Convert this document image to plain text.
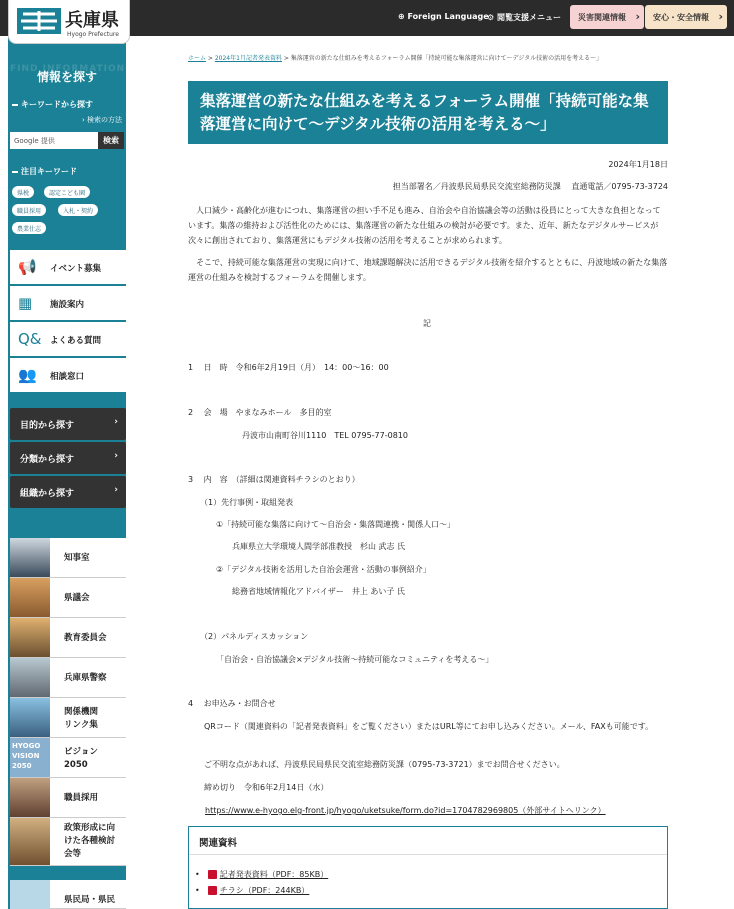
⊕ Foreign Language
⚙ 閲覧支援メニュー	災害関連情報 ›	安心・安全情報 ›
兵庫県
Hyogo Prefecture
FIND INFORMATION
情報を探す
キーワードから探す
› 検索の方法
Google 提供	検索
注目キーワード
県税	認定こども園
職員採用	入札・契約
農業仕志
📢 イベント募集
▦ 施設案内
Q& よくある質問
👥 相談窓口
目的から探す	›
分類から探す	›
組織から探す	›
知事室
県議会
教育委員会
兵庫県警察
関係機関
リンク集
HYOGO
VISION
2050
ビジョン
2050
職員採用
政策形成に向
けた各種検討
会等
県民局・県民
ホーム > 2024年1月記者発表資料 > 集落運営の新たな仕組みを考えるフォーラム開催「持続可能な集落運営に向けて～デジタル技術の活用を考える～」
集落運営の新たな仕組みを考えるフォーラム開催「持続可能な集落運営に向けて～デジタル技術の活用を考える～」
2024年1月18日
担当部署名／丹波県民局県民交流室総務防災課　 直通電話／0795-73-3724

　人口減少・高齢化が進むにつれ、集落運営の担い手不足も進み、自治会や自治協議会等の活動は役員にとって大きな負担となっています。集落の維持および活性化のためには、集落運営の新たな仕組みの検討が必要です。また、近年、新たなデジタルサービスが次々に創出されており、集落運営にもデジタル技術の活用を考えることが求められます。

　そこで、持続可能な集落運営の実現に向けて、地域課題解決に活用できるデジタル技術を紹介するとともに、丹波地域の新たな集落運営の仕組みを検討するフォーラムを開催します。

記
1　 日　時　令和6年2月19日（月）　14：00～16：00
2　 会　場　やまなみホール　多目的室
丹波市山南町谷川1110　TEL 0795-77-0810
3　 内　容　（詳細は関連資料チラシのとおり）
（1）先行事例・取組発表
①「持続可能な集落に向けて～自治会・集落間連携・関係人口～」
兵庫県立大学環境人間学部准教授　杉山 武志 氏
②「デジタル技術を活用した自治会運営・活動の事例紹介」
総務省地域情報化アドバイザー　井上 あい子 氏
（2）パネルディスカッション
「自治会・自治協議会×デジタル技術～持続可能なコミュニティを考える～」
4　 お申込み・お問合せ

QRコード（関連資料の「記者発表資料」をご覧ください）またはURL等にてお申し込みください。メール、FAXも可能です。

ご不明な点があれば、丹波県民局県民交流室総務防災課（0795-73-3721）までお問合せください。
締め切り　令和6年2月14日（水）
https://www.e-hyogo.elg-front.jp/hyogo/uketsuke/form.do?id=1704782969805（外部サイトへリンク）
関連資料
•	記者発表資料（PDF：85KB）
•	チラシ（PDF：244KB）
